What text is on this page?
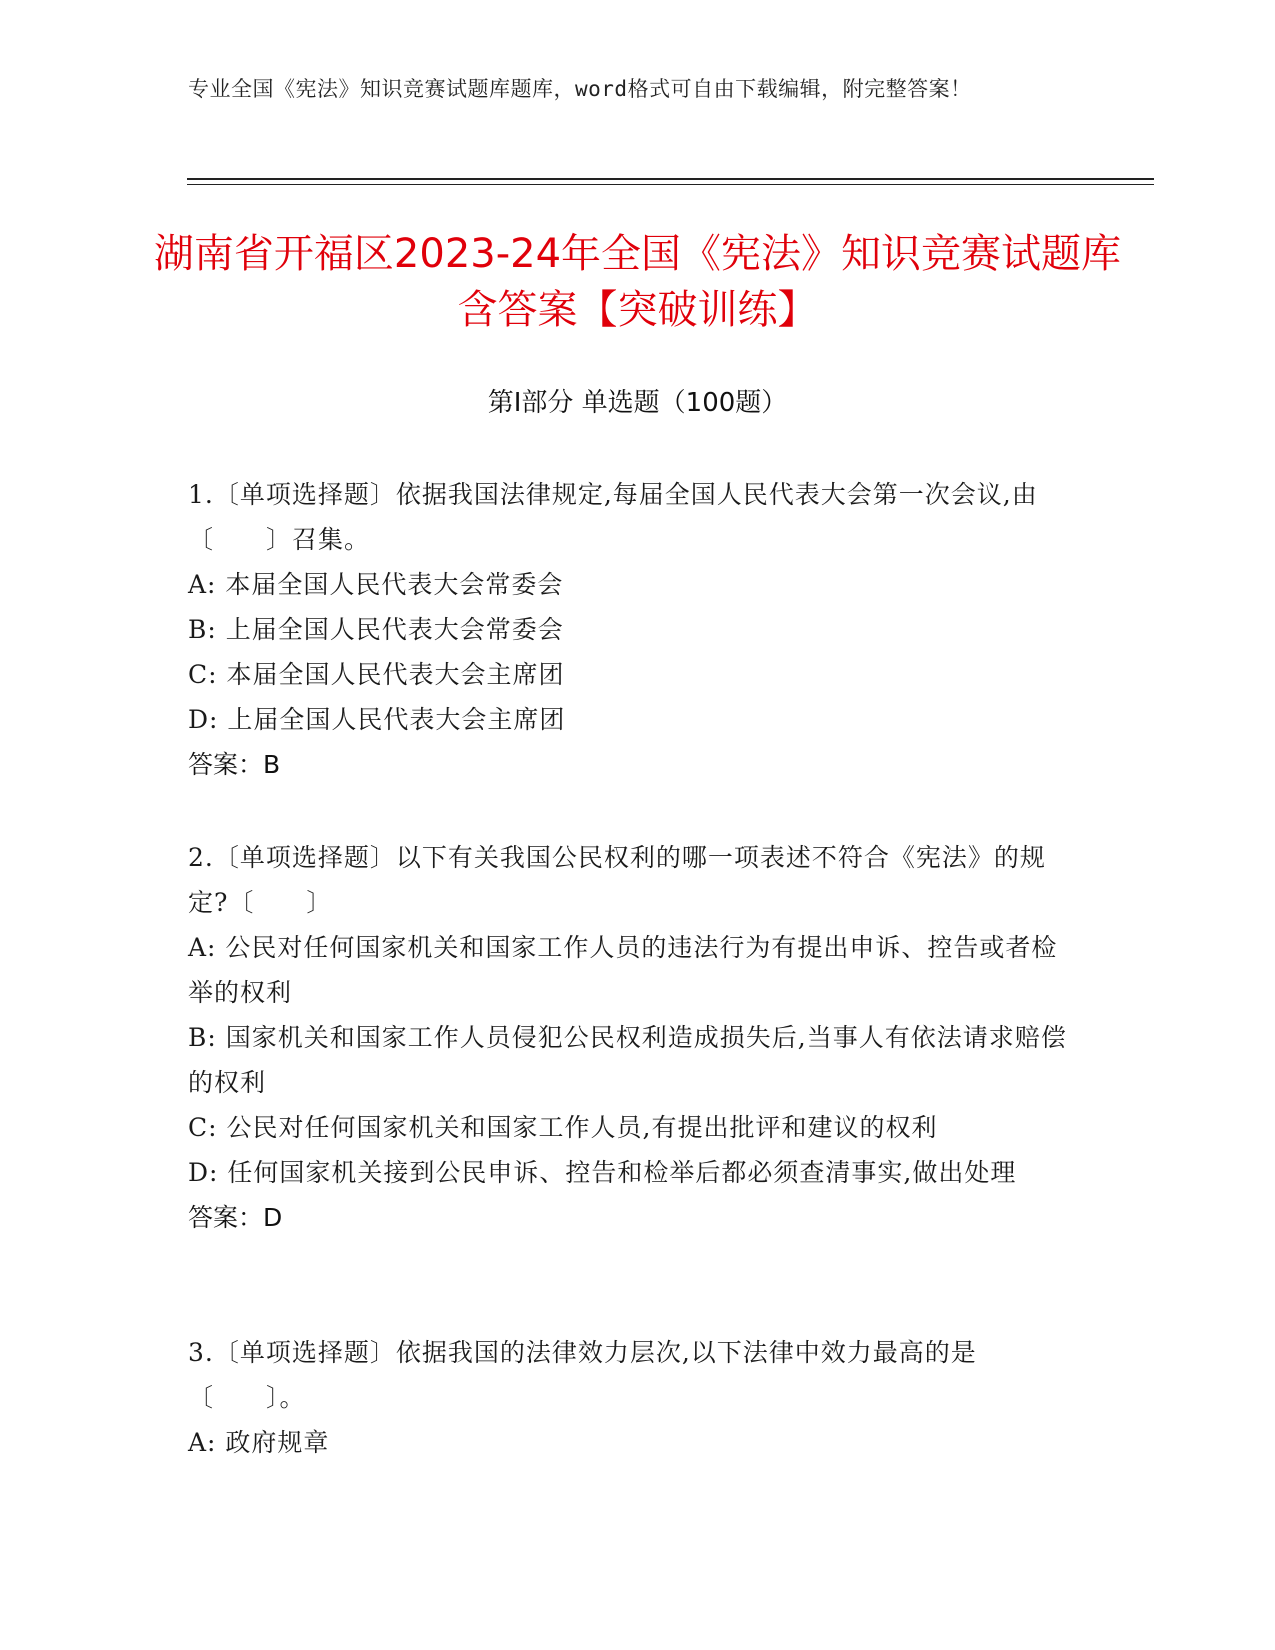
专业全国《宪法》知识竞赛试题库题库，word格式可自由下载编辑，附完整答案！
湖南省开福区2023-24年全国《宪法》知识竞赛试题库含答案【突破训练】
第Ⅰ部分 单选题（100题）
1.〔单项选择题〕依据我国法律规定,每届全国人民代表大会第一次会议,由〔　　〕召集。
A: 本届全国人民代表大会常委会
B: 上届全国人民代表大会常委会
C: 本届全国人民代表大会主席团
D: 上届全国人民代表大会主席团
答案：B
2.〔单项选择题〕以下有关我国公民权利的哪一项表述不符合《宪法》的规定?〔　　〕
A: 公民对任何国家机关和国家工作人员的违法行为有提出申诉、控告或者检举的权利
B: 国家机关和国家工作人员侵犯公民权利造成损失后,当事人有依法请求赔偿的权利
C: 公民对任何国家机关和国家工作人员,有提出批评和建议的权利
D: 任何国家机关接到公民申诉、控告和检举后都必须查清事实,做出处理
答案：D
3.〔单项选择题〕依据我国的法律效力层次,以下法律中效力最高的是〔　　〕。
A: 政府规章
